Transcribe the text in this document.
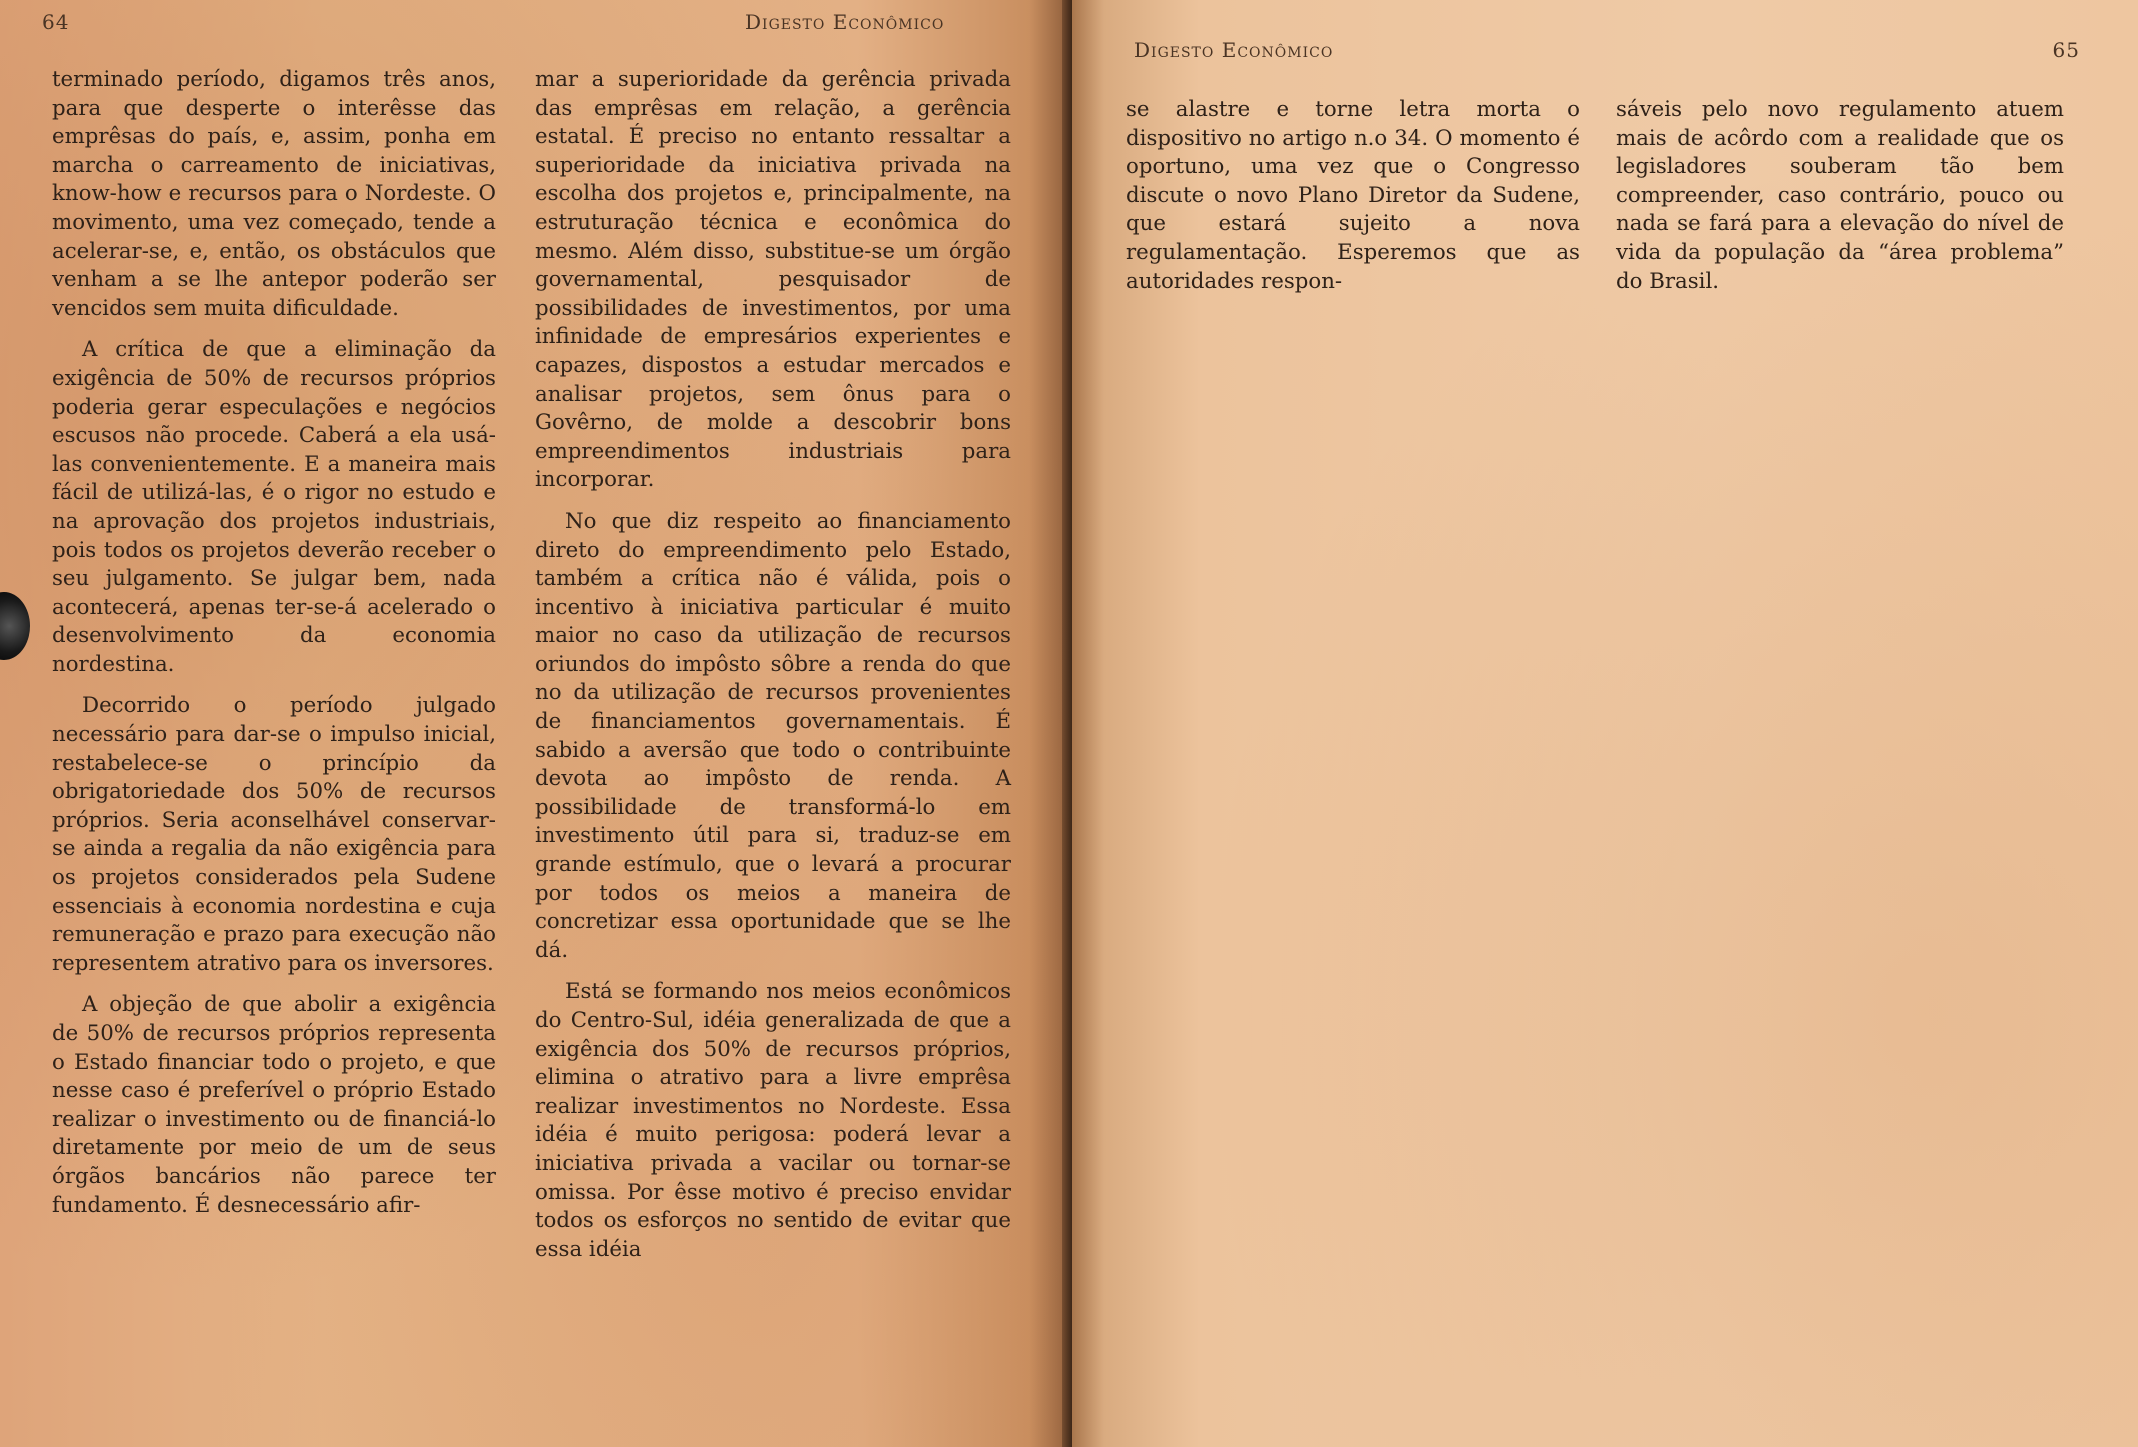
64	Digesto Econômico

terminado período, digamos três anos, para que desperte o interêsse das emprêsas do país, e, assim, ponha em marcha o carreamento de iniciativas, know-how e recursos para o Nordeste. O movimento, uma vez começado, tende a acelerar-se, e, então, os obstáculos que venham a se lhe antepor poderão ser vencidos sem muita dificuldade.

A crítica de que a eliminação da exigência de 50% de recursos próprios poderia gerar especulações e negócios escusos não procede. Caberá a ela usá-las convenientemente. E a maneira mais fácil de utilizá-las, é o rigor no estudo e na aprovação dos projetos industriais, pois todos os projetos deverão receber o seu julgamento. Se julgar bem, nada acontecerá, apenas ter-se-á acelerado o desenvolvimento da economia nordestina.

Decorrido o período julgado necessário para dar-se o impulso inicial, restabelece-se o princípio da obrigatoriedade dos 50% de recursos próprios. Seria aconselhável conservar-se ainda a regalia da não exigência para os projetos considerados pela Sudene essenciais à economia nordestina e cuja remuneração e prazo para execução não representem atrativo para os inversores.

A objeção de que abolir a exigência de 50% de recursos próprios representa o Estado financiar todo o projeto, e que nesse caso é preferível o próprio Estado realizar o investimento ou de financiá-lo diretamente por meio de um de seus órgãos bancários não parece ter fundamento. É desnecessário afir-

mar a superioridade da gerência privada das emprêsas em relação, a gerência estatal. É preciso no entanto ressaltar a superioridade da iniciativa privada na escolha dos projetos e, principalmente, na estruturação técnica e econômica do mesmo. Além disso, substitue-se um órgão governamental, pesquisador de possibilidades de investimentos, por uma infinidade de empresários experientes e capazes, dispostos a estudar mercados e analisar projetos, sem ônus para o Govêrno, de molde a descobrir bons empreendimentos industriais para incorporar.

No que diz respeito ao financiamento direto do empreendimento pelo Estado, também a crítica não é válida, pois o incentivo à iniciativa particular é muito maior no caso da utilização de recursos oriundos do impôsto sôbre a renda do que no da utilização de recursos provenientes de financiamentos governamentais. É sabido a aversão que todo o contribuinte devota ao impôsto de renda. A possibilidade de transformá-lo em investimento útil para si, traduz-se em grande estímulo, que o levará a procurar por todos os meios a maneira de concretizar essa oportunidade que se lhe dá.

Está se formando nos meios econômicos do Centro-Sul, idéia generalizada de que a exigência dos 50% de recursos próprios, elimina o atrativo para a livre emprêsa realizar investimentos no Nordeste. Essa idéia é muito perigosa: poderá levar a iniciativa privada a vacilar ou tornar-se omissa. Por êsse motivo é preciso envidar todos os esforços no sentido de evitar que essa idéia

Digesto Econômico	65

se alastre e torne letra morta o dispositivo no artigo n.o 34. O momento é oportuno, uma vez que o Congresso discute o novo Plano Diretor da Sudene, que estará sujeito a nova regulamentação. Esperemos que as autoridades respon-

sáveis pelo novo regulamento atuem mais de acôrdo com a realidade que os legisladores souberam tão bem compreender, caso contrário, pouco ou nada se fará para a elevação do nível de vida da população da “área problema” do Brasil.
